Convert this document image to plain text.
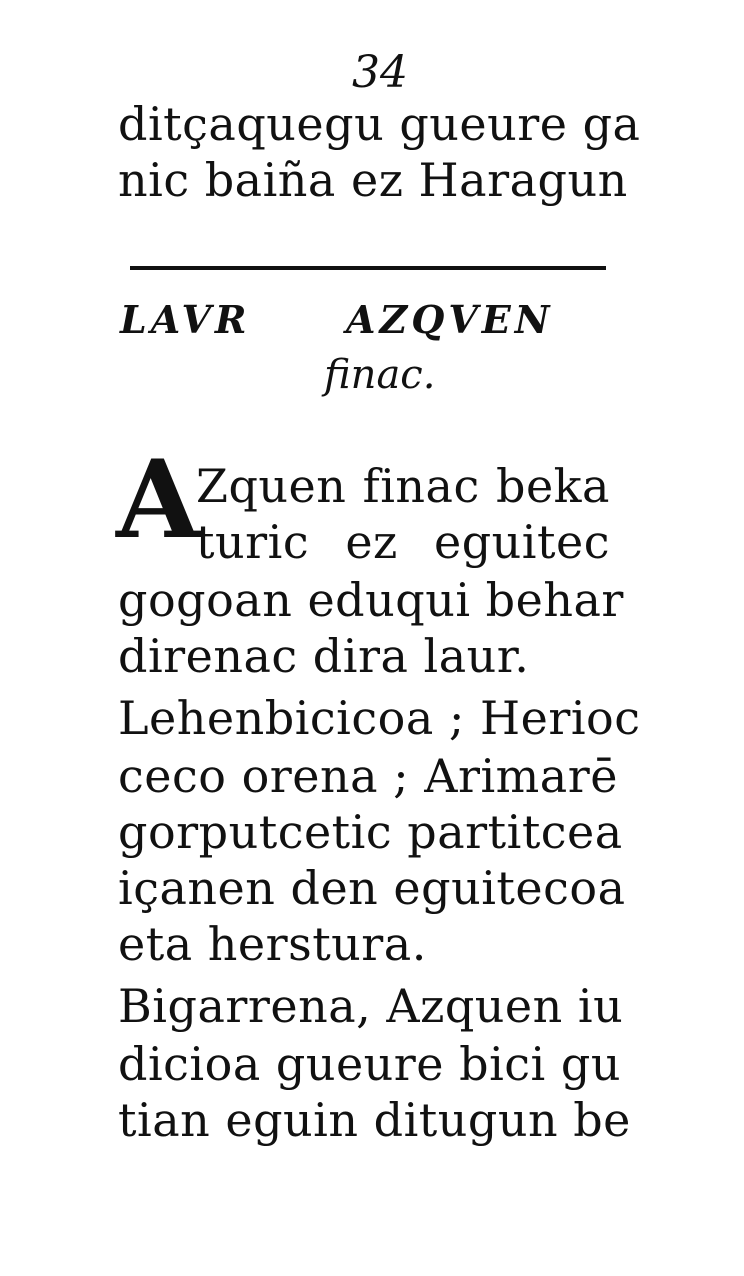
34
ditçaquegu gueure ga
nic baiña ez Haragun
LAVR	AZQVEN
finac.
A
Zquen finac beka
turic ez eguitec
gogoan eduqui behar
direnac dira laur.
Lehenbicicoa ; Herioc
ceco orena ; Arimarē
gorputcetic partitcea
içanen den eguitecoa
eta herstura.
Bigarrena, Azquen iu
dicioa gueure bici gu
tian eguin ditugun be
